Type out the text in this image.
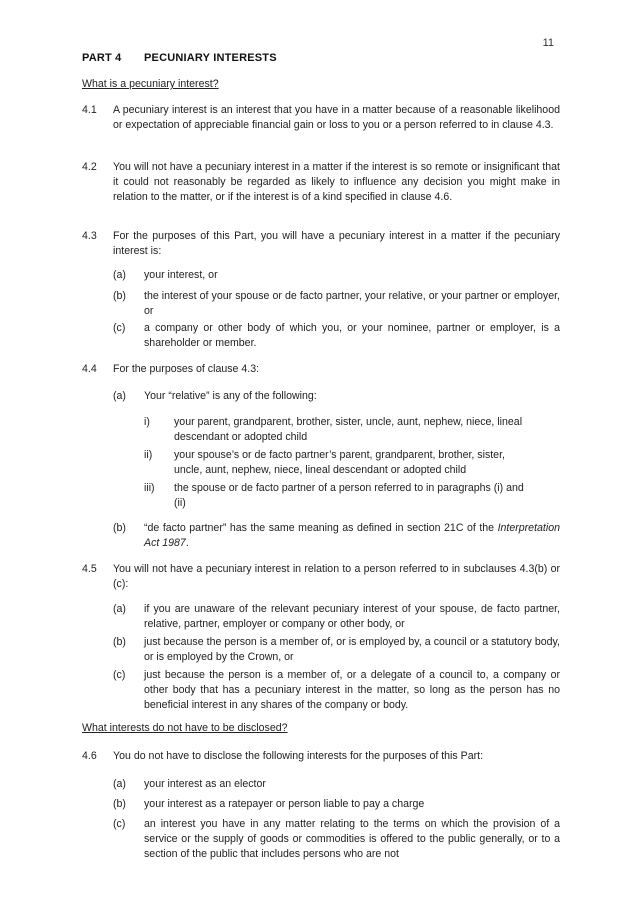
11
PART 4 PECUNIARY INTERESTS
What is a pecuniary interest?
4.1 A pecuniary interest is an interest that you have in a matter because of a reasonable likelihood or expectation of appreciable financial gain or loss to you or a person referred to in clause 4.3.
4.2 You will not have a pecuniary interest in a matter if the interest is so remote or insignificant that it could not reasonably be regarded as likely to influence any decision you might make in relation to the matter, or if the interest is of a kind specified in clause 4.6.
4.3 For the purposes of this Part, you will have a pecuniary interest in a matter if the pecuniary interest is:
(a) your interest, or
(b) the interest of your spouse or de facto partner, your relative, or your partner or employer, or
(c) a company or other body of which you, or your nominee, partner or employer, is a shareholder or member.
4.4 For the purposes of clause 4.3:
(a) Your “relative” is any of the following:
i) your parent, grandparent, brother, sister, uncle, aunt, nephew, niece, lineal descendant or adopted child
ii) your spouse’s or de facto partner’s parent, grandparent, brother, sister, uncle, aunt, nephew, niece, lineal descendant or adopted child
iii) the spouse or de facto partner of a person referred to in paragraphs (i) and (ii)
(b) “de facto partner” has the same meaning as defined in section 21C of the Interpretation Act 1987.
4.5 You will not have a pecuniary interest in relation to a person referred to in subclauses 4.3(b) or (c):
(a) if you are unaware of the relevant pecuniary interest of your spouse, de facto partner, relative, partner, employer or company or other body, or
(b) just because the person is a member of, or is employed by, a council or a statutory body, or is employed by the Crown, or
(c) just because the person is a member of, or a delegate of a council to, a company or other body that has a pecuniary interest in the matter, so long as the person has no beneficial interest in any shares of the company or body.
What interests do not have to be disclosed?
4.6 You do not have to disclose the following interests for the purposes of this Part:
(a) your interest as an elector
(b) your interest as a ratepayer or person liable to pay a charge
(c) an interest you have in any matter relating to the terms on which the provision of a service or the supply of goods or commodities is offered to the public generally, or to a section of the public that includes persons who are not
